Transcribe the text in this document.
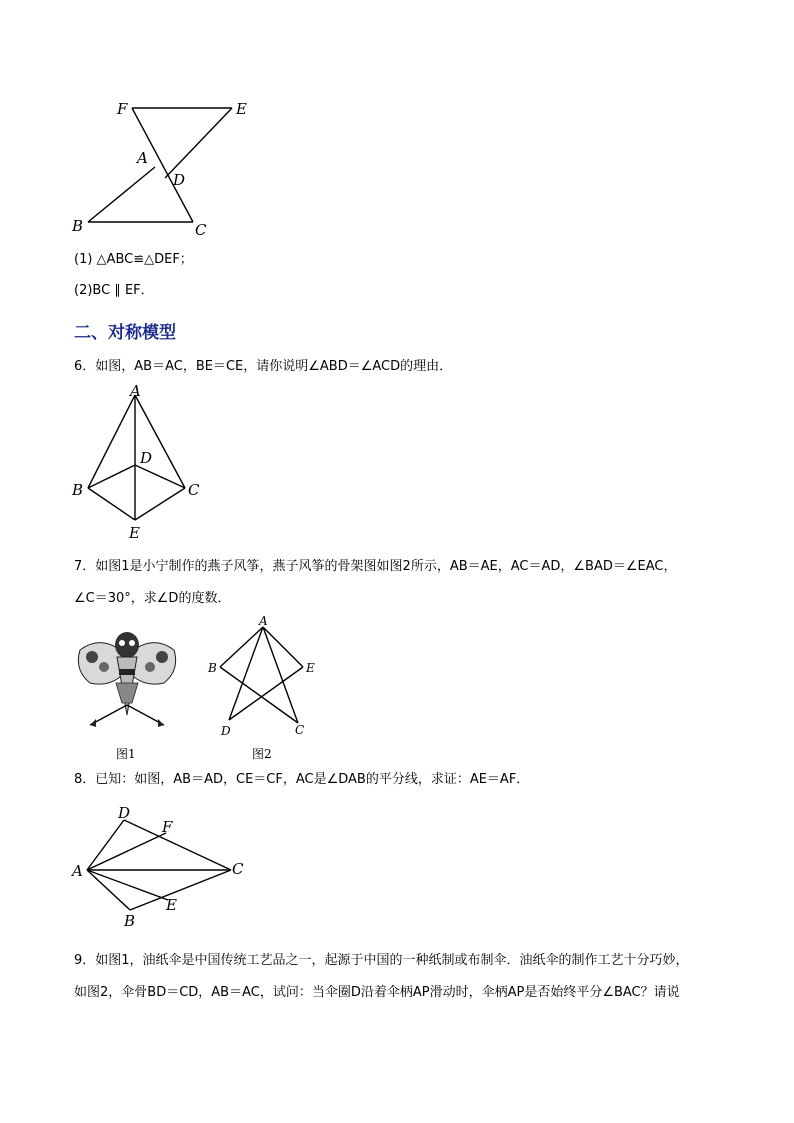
F	E
A
D
B	C
(1) △ABC≌△DEF；
(2)BC ∥ EF．
二、对称模型
6．如图，AB＝AC，BE＝CE，请你说明∠ABD＝∠ACD的理由．
A
D
B	C
E
7．如图1是小宁制作的燕子风筝，燕子风筝的骨架图如图2所示，AB＝AE，AC＝AD，∠BAD＝∠EAC，
∠C＝30°，求∠D的度数．
图1
A
B	E
D	C
图2
8．已知：如图，AB＝AD，CE＝CF，AC是∠DAB的平分线，求证：AE＝AF．
D
F
A	C
B
E
9．如图1，油纸伞是中国传统工艺品之一，起源于中国的一种纸制或布制伞．油纸伞的制作工艺十分巧妙，
如图2，伞骨BD＝CD，AB＝AC，试问：当伞圈D沿着伞柄AP滑动时，伞柄AP是否始终平分∠BAC？请说
